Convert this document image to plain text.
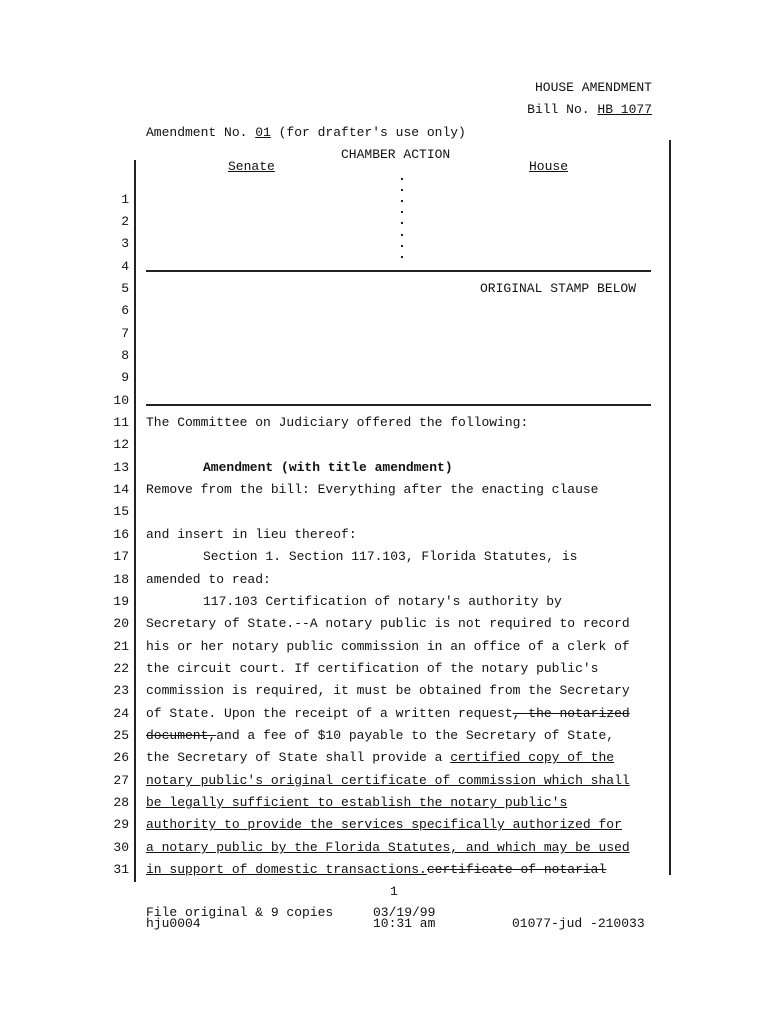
HOUSE AMENDMENT
Bill No. HB 1077
Amendment No. 01 (for drafter's use only)
CHAMBER ACTION
Senate	House
ORIGINAL STAMP BELOW
1
2
3
4
5
6
7
8
9
10
11
12
13
14
15
16
17
18
19
20
21
22
23
24
25
26
27
28
29
30
31
The Committee on Judiciary offered the following:
Amendment (with title amendment)
Remove from the bill: Everything after the enacting clause
and insert in lieu thereof:
Section 1. Section 117.103, Florida Statutes, is
amended to read:
117.103 Certification of notary's authority by
Secretary of State.--A notary public is not required to record
his or her notary public commission in an office of a clerk of
the circuit court. If certification of the notary public's
commission is required, it must be obtained from the Secretary
of State. Upon the receipt of a written request, the notarized
document,and a fee of $10 payable to the Secretary of State,
the Secretary of State shall provide a certified copy of the
notary public's original certificate of commission which shall
be legally sufficient to establish the notary public's
authority to provide the services specifically authorized for
a notary public by the Florida Statutes, and which may be used
in support of domestic transactions.certificate of notarial
1
File original & 9 copies
hju0004
03/19/99
10:31 am	01077-jud -210033
